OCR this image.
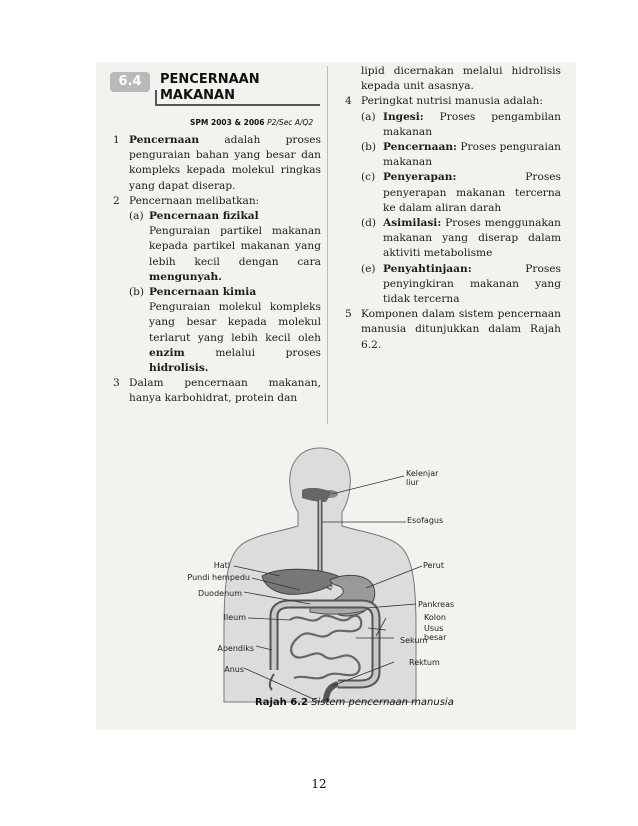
6.4	PENCERNAAN
MAKANAN
SPM 2003 & 2006 P2/Sec A/Q2
1 Pencernaan adalah proses penguraian bahan yang besar dan kompleks kepada molekul ringkas yang dapat diserap.
2 Pencernaan melibatkan:
(a) Pencernaan fizikal
Penguraian partikel makanan kepada partikel makanan yang lebih kecil dengan cara mengunyah.
(b) Pencernaan kimia
Penguraian molekul kompleks yang besar kepada molekul terlarut yang lebih kecil oleh enzim melalui proses hidrolisis.
3 Dalam pencernaan makanan, hanya karbohidrat, protein dan
lipid dicernakan melalui hidrolisis kepada unit asasnya.
4 Peringkat nutrisi manusia adalah:
(a) Ingesi: Proses pengambilan makanan
(b) Pencernaan: Proses penguraian makanan
(c) Penyerapan: Proses penyerapan makanan tercerna ke dalam aliran darah
(d) Asimilasi: Proses menggunakan makanan yang diserap dalam aktiviti metabolisme
(e) Penyahtinjaan: Proses penyingkiran makanan yang tidak tercerna
5 Komponen dalam sistem pencernaan manusia ditunjukkan dalam Rajah 6.2.
Kelenjar
liur
Esofagus
Perut
Pankreas
Kolon
Usus
besar
Sekum
Rektum
Hati
Pundi hempedu
Duodenum
Ileum
Apendiks
Anus
Rajah 6.2 Sistem pencernaan manusia
12
